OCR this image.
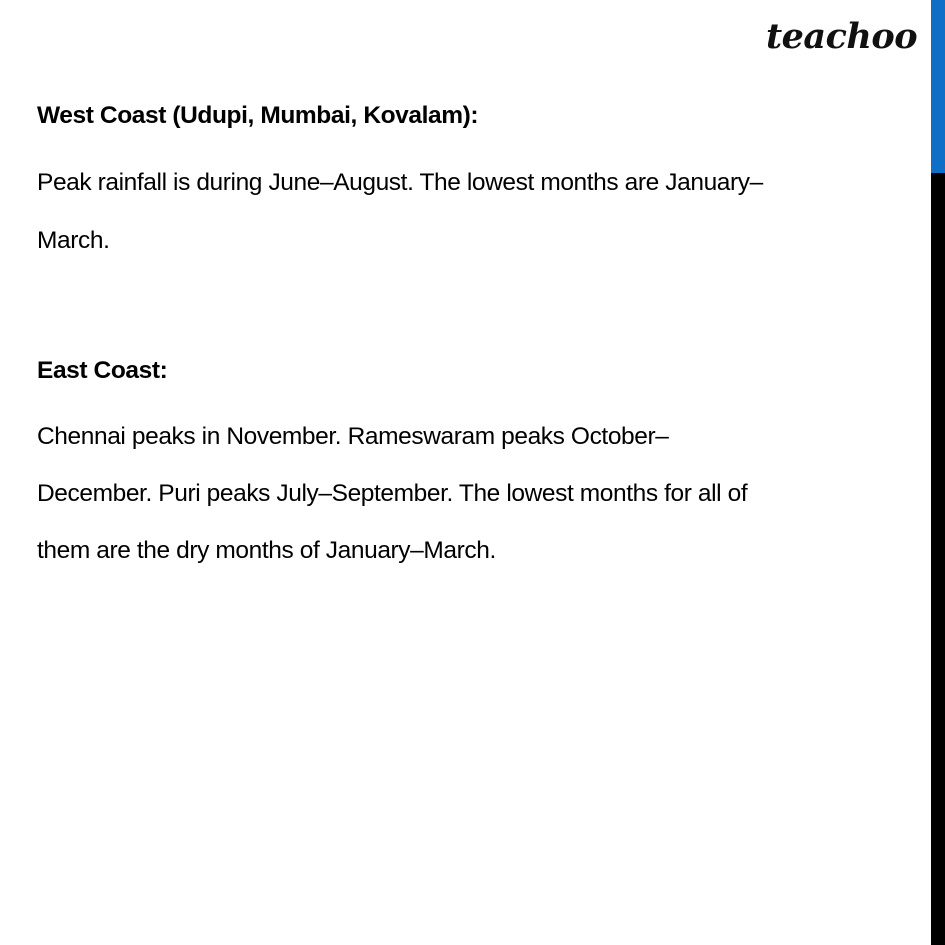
teachoo
West Coast (Udupi, Mumbai, Kovalam):
Peak rainfall is during June–August. The lowest months are January–
March.
East Coast:
Chennai peaks in November. Rameswaram peaks October–
December. Puri peaks July–September. The lowest months for all of
them are the dry months of January–March.
